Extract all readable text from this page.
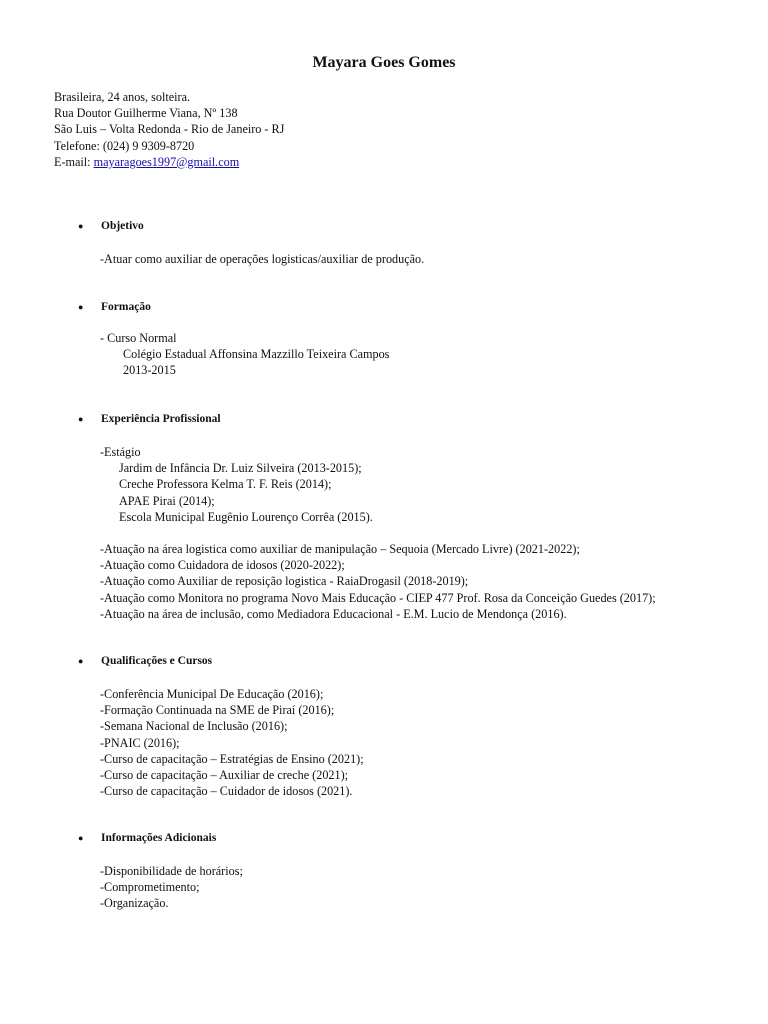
Mayara Goes Gomes
Brasileira, 24 anos, solteira.
Rua Doutor Guilherme Viana, Nº 138
São Luis – Volta Redonda - Rio de Janeiro - RJ
Telefone: (024) 9 9309-8720
E-mail: mayaragoes1997@gmail.com
● Objetivo
-Atuar como auxiliar de operações logisticas/auxiliar de produção.
● Formação
- Curso Normal
Colégio Estadual Affonsina Mazzillo Teixeira Campos
2013-2015
● Experiência Profissional
-Estágio
Jardim de Infância Dr. Luiz Silveira (2013-2015);
Creche Professora Kelma T. F. Reis (2014);
APAE Pirai (2014);
Escola Municipal Eugênio Lourenço Corrêa (2015).
-Atuação na área logistica como auxiliar de manipulação – Sequoia (Mercado Livre) (2021-2022);
-Atuação como Cuidadora de idosos (2020-2022);
-Atuação como Auxiliar de reposição logistica - RaiaDrogasil (2018-2019);
-Atuação como Monitora no programa Novo Mais Educação - CIEP 477 Prof. Rosa da Conceição Guedes (2017);
-Atuação na área de inclusão, como Mediadora Educacional - E.M. Lucio de Mendonça (2016).
● Qualificações e Cursos
-Conferência Municipal De Educação (2016);
-Formação Continuada na SME de Piraí (2016);
-Semana Nacional de Inclusão (2016);
-PNAIC (2016);
-Curso de capacitação – Estratégias de Ensino (2021);
-Curso de capacitação – Auxiliar de creche (2021);
-Curso de capacitação – Cuidador de idosos (2021).
● Informações Adicionais
-Disponibilidade de horários;
-Comprometimento;
-Organização.
